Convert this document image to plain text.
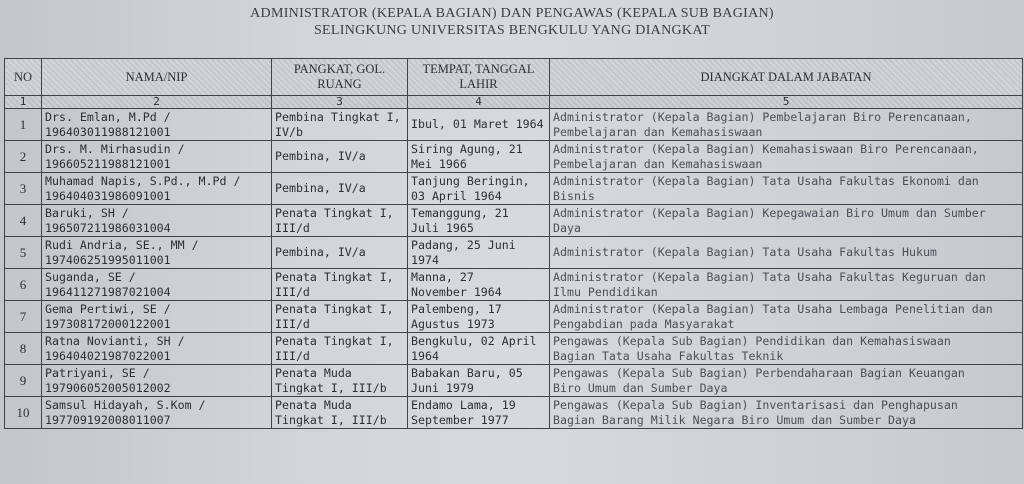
ADMINISTRATOR (KEPALA BAGIAN) DAN PENGAWAS (KEPALA SUB BAGIAN)
SELINGKUNG UNIVERSITAS BENGKULU YANG DIANGKAT
NO	NAMA/NIP	PANGKAT, GOL. RUANG	TEMPAT, TANGGAL LAHIR	DIANGKAT DALAM JABATAN
1	2	3	4	5
1	Drs. Emlan, M.Pd /
196403011988121001	Pembina Tingkat I,
IV/b	Ibul, 01 Maret 1964	Administrator (Kepala Bagian) Pembelajaran Biro Perencanaan,
Pembelajaran dan Kemahasiswaan

2	Drs. M. Mirhasudin /
196605211988121001	Pembina, IV/a	Siring Agung, 21
Mei 1966	Administrator (Kepala Bagian) Kemahasiswaan Biro Perencanaan,
Pembelajaran dan Kemahasiswaan

3	Muhamad Napis, S.Pd., M.Pd /
196404031986091001	Pembina, IV/a	Tanjung Beringin,
03 April 1964	Administrator (Kepala Bagian) Tata Usaha Fakultas Ekonomi dan
Bisnis

4	Baruki, SH /
196507211986031004	Penata Tingkat I,
III/d	Temanggung, 21
Juli 1965	Administrator (Kepala Bagian) Kepegawaian Biro Umum dan Sumber
Daya

5	Rudi Andria, SE., MM /
197406251995011001	Pembina, IV/a	Padang, 25 Juni
1974	Administrator (Kepala Bagian) Tata Usaha Fakultas Hukum

6	Suganda, SE /
196411271987021004	Penata Tingkat I,
III/d	Manna, 27
November 1964	Administrator (Kepala Bagian) Tata Usaha Fakultas Keguruan dan
Ilmu Pendidikan

7	Gema Pertiwi, SE /
197308172000122001	Penata Tingkat I,
III/d	Palembeng, 17
Agustus 1973	Administrator (Kepala Bagian) Tata Usaha Lembaga Penelitian dan
Pengabdian pada Masyarakat

8	Ratna Novianti, SH /
196404021987022001	Penata Tingkat I,
III/d	Bengkulu, 02 April
1964	Pengawas (Kepala Sub Bagian) Pendidikan dan Kemahasiswaan
Bagian Tata Usaha Fakultas Teknik

9	Patriyani, SE /
197906052005012002	Penata Muda
Tingkat I, III/b	Babakan Baru, 05
Juni 1979	Pengawas (Kepala Sub Bagian) Perbendaharaan Bagian Keuangan
Biro Umum dan Sumber Daya

10	Samsul Hidayah, S.Kom /
197709192008011007	Penata Muda
Tingkat I, III/b	Endamo Lama, 19
September 1977	Pengawas (Kepala Sub Bagian) Inventarisasi dan Penghapusan
Bagian Barang Milik Negara Biro Umum dan Sumber Daya
